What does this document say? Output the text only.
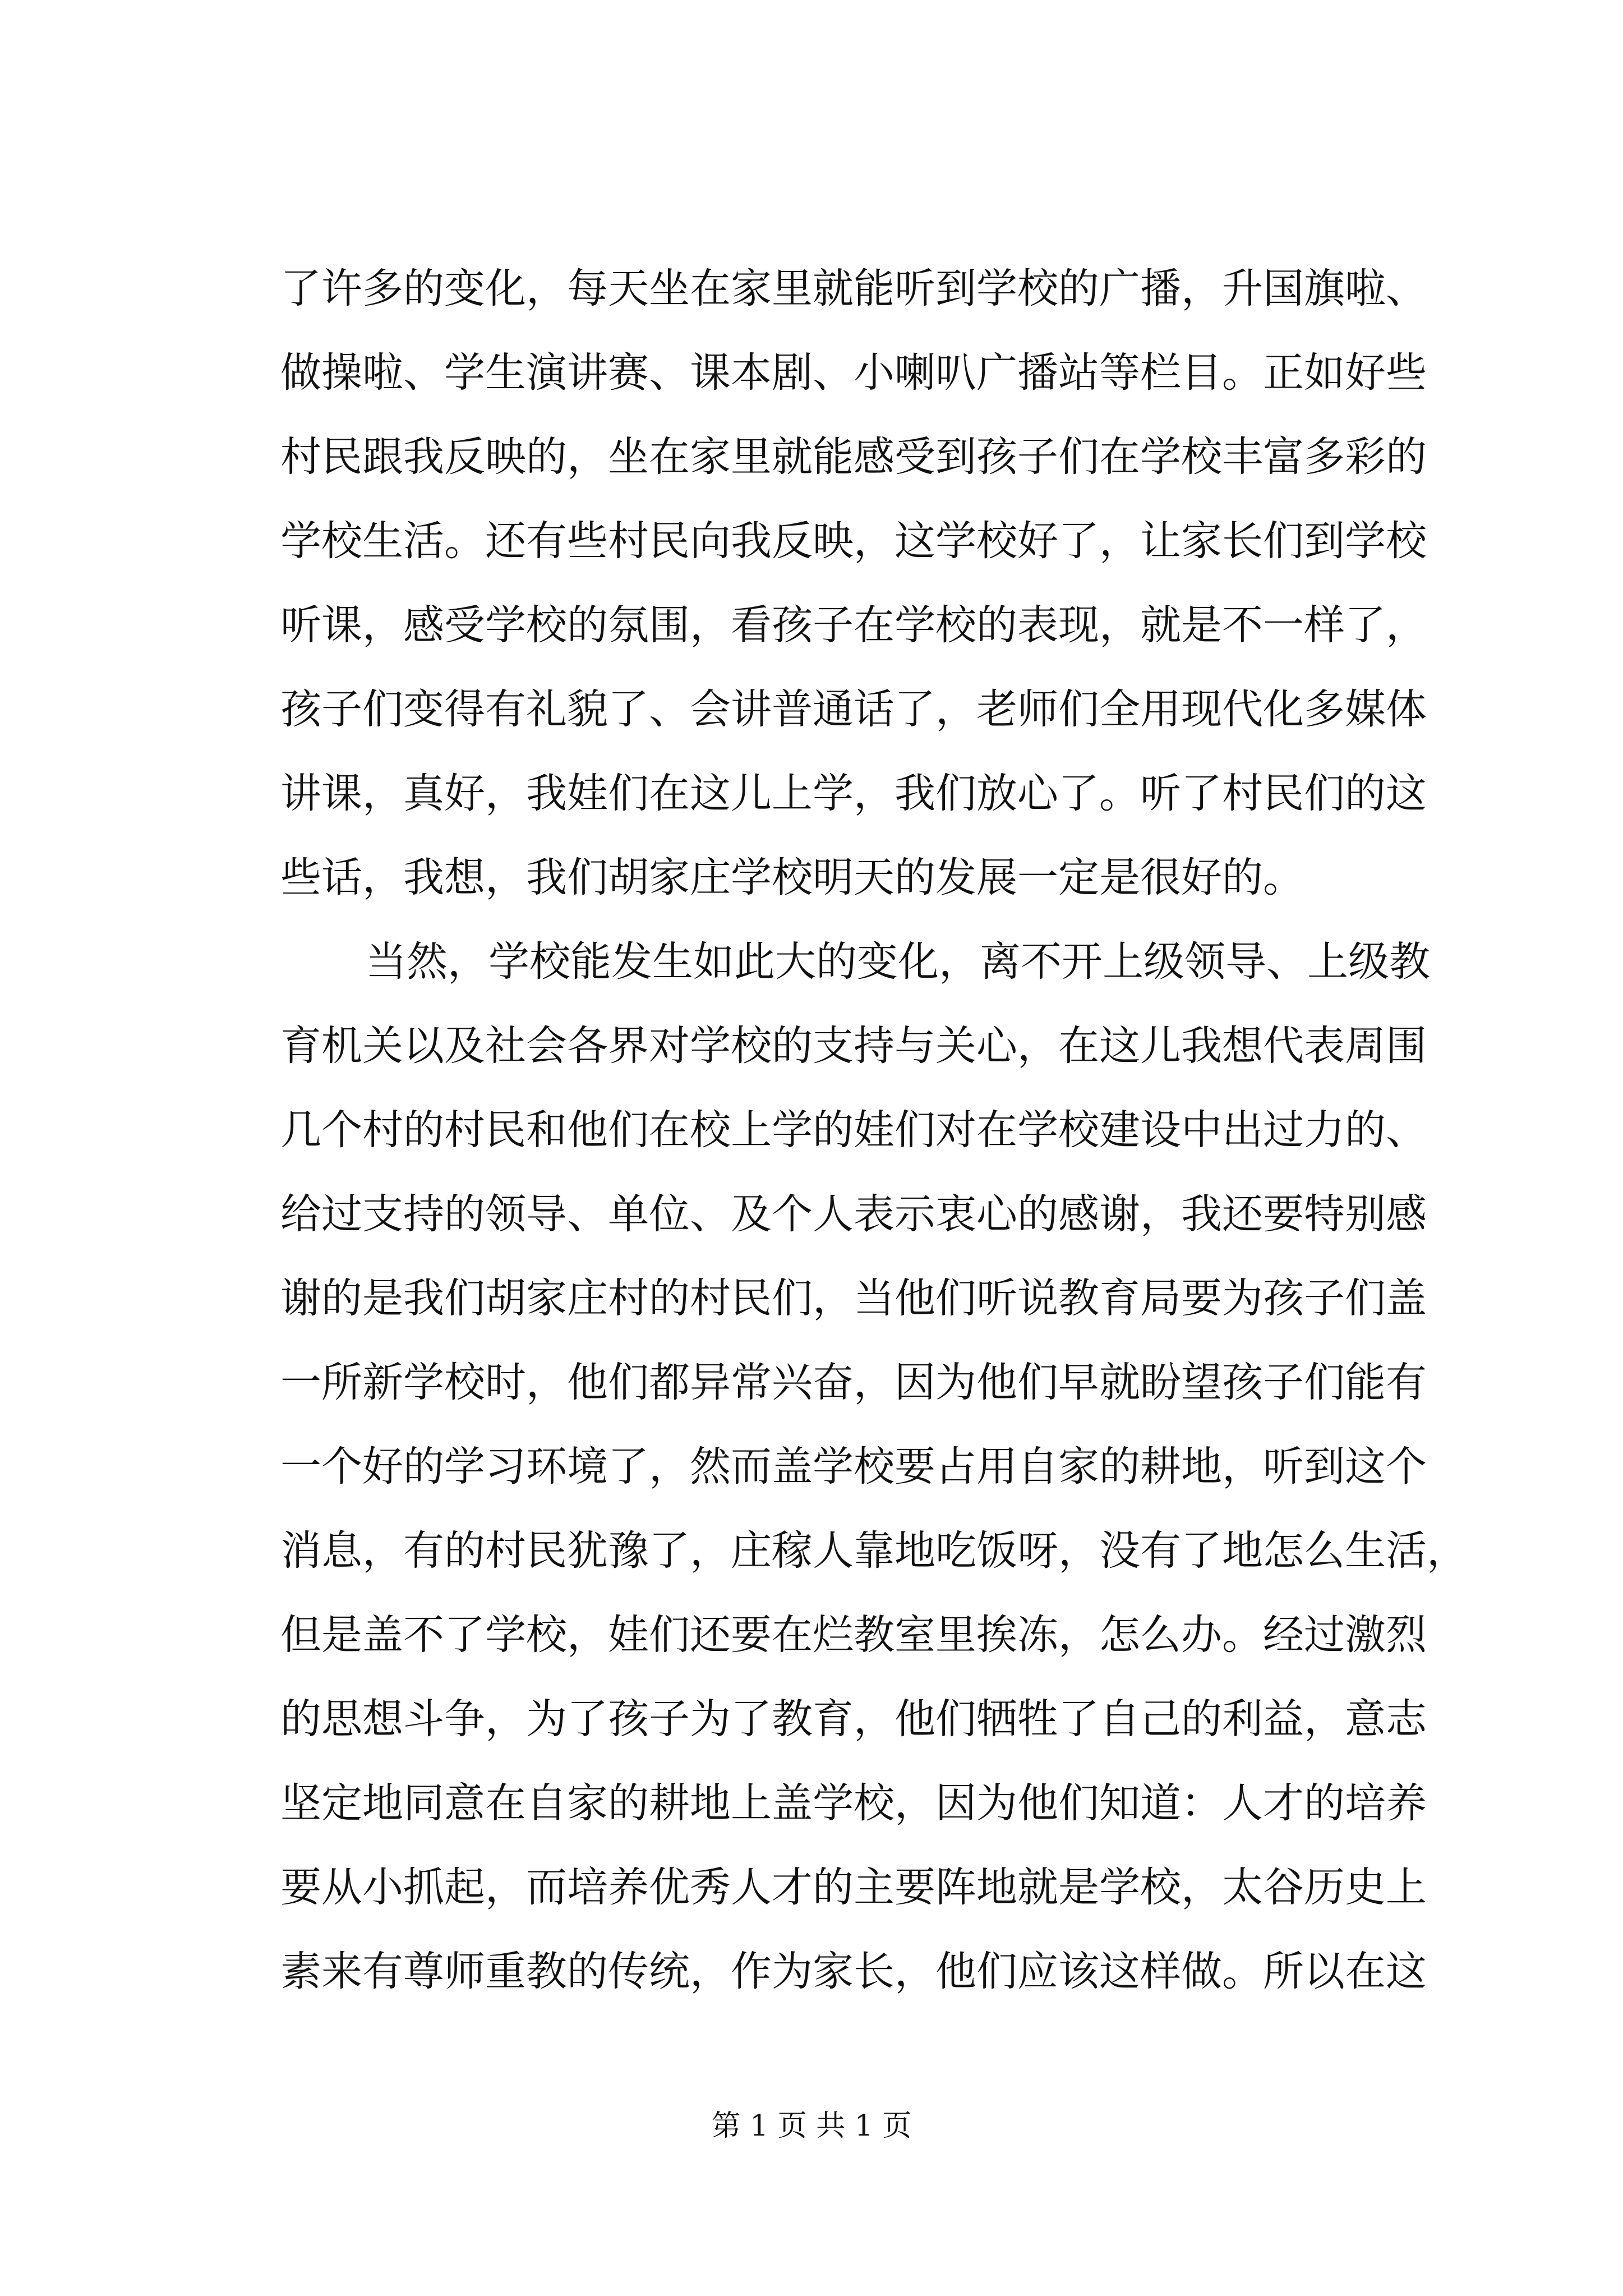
了许多的变化，每天坐在家里就能听到学校的广播，升国旗啦、
做操啦、学生演讲赛、课本剧、小喇叭广播站等栏目。正如好些
村民跟我反映的，坐在家里就能感受到孩子们在学校丰富多彩的
学校生活。还有些村民向我反映，这学校好了，让家长们到学校
听课，感受学校的氛围，看孩子在学校的表现，就是不一样了，
孩子们变得有礼貌了、会讲普通话了，老师们全用现代化多媒体
讲课，真好，我娃们在这儿上学，我们放心了。听了村民们的这
些话，我想，我们胡家庄学校明天的发展一定是很好的。
当然，学校能发生如此大的变化，离不开上级领导、上级教
育机关以及社会各界对学校的支持与关心，在这儿我想代表周围
几个村的村民和他们在校上学的娃们对在学校建设中出过力的、
给过支持的领导、单位、及个人表示衷心的感谢，我还要特别感
谢的是我们胡家庄村的村民们，当他们听说教育局要为孩子们盖
一所新学校时，他们都异常兴奋，因为他们早就盼望孩子们能有
一个好的学习环境了，然而盖学校要占用自家的耕地，听到这个
消息，有的村民犹豫了，庄稼人靠地吃饭呀，没有了地怎么生活，
但是盖不了学校，娃们还要在烂教室里挨冻，怎么办。经过激烈
的思想斗争，为了孩子为了教育，他们牺牲了自己的利益，意志
坚定地同意在自家的耕地上盖学校，因为他们知道：人才的培养
要从小抓起，而培养优秀人才的主要阵地就是学校，太谷历史上
素来有尊师重教的传统，作为家长，他们应该这样做。所以在这
第 1 页 共 1 页
